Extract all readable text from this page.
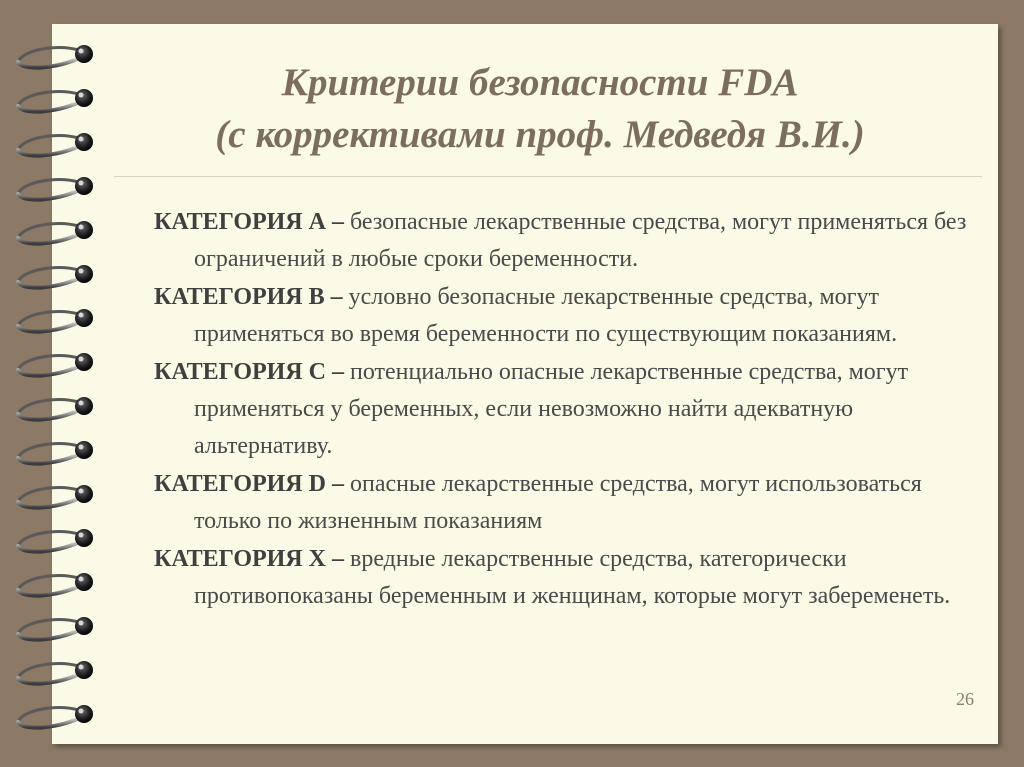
Критерии безопасности FDA
(с коррективами проф. Медведя В.И.)
КАТЕГОРИЯ А – безопасные лекарственные средства, могут применяться без ограничений в любые сроки беременности.
КАТЕГОРИЯ В – условно безопасные лекарственные средства, могут применяться во время беременности по существующим показаниям.
КАТЕГОРИЯ С – потенциально опасные лекарственные средства, могут применяться у беременных, если невозможно найти адекватную альтернативу.
КАТЕГОРИЯ D – опасные лекарственные средства, могут использоваться только по жизненным показаниям
КАТЕГОРИЯ Х – вредные лекарственные средства, категорически противопоказаны беременным и женщинам, которые могут забеременеть.
26
